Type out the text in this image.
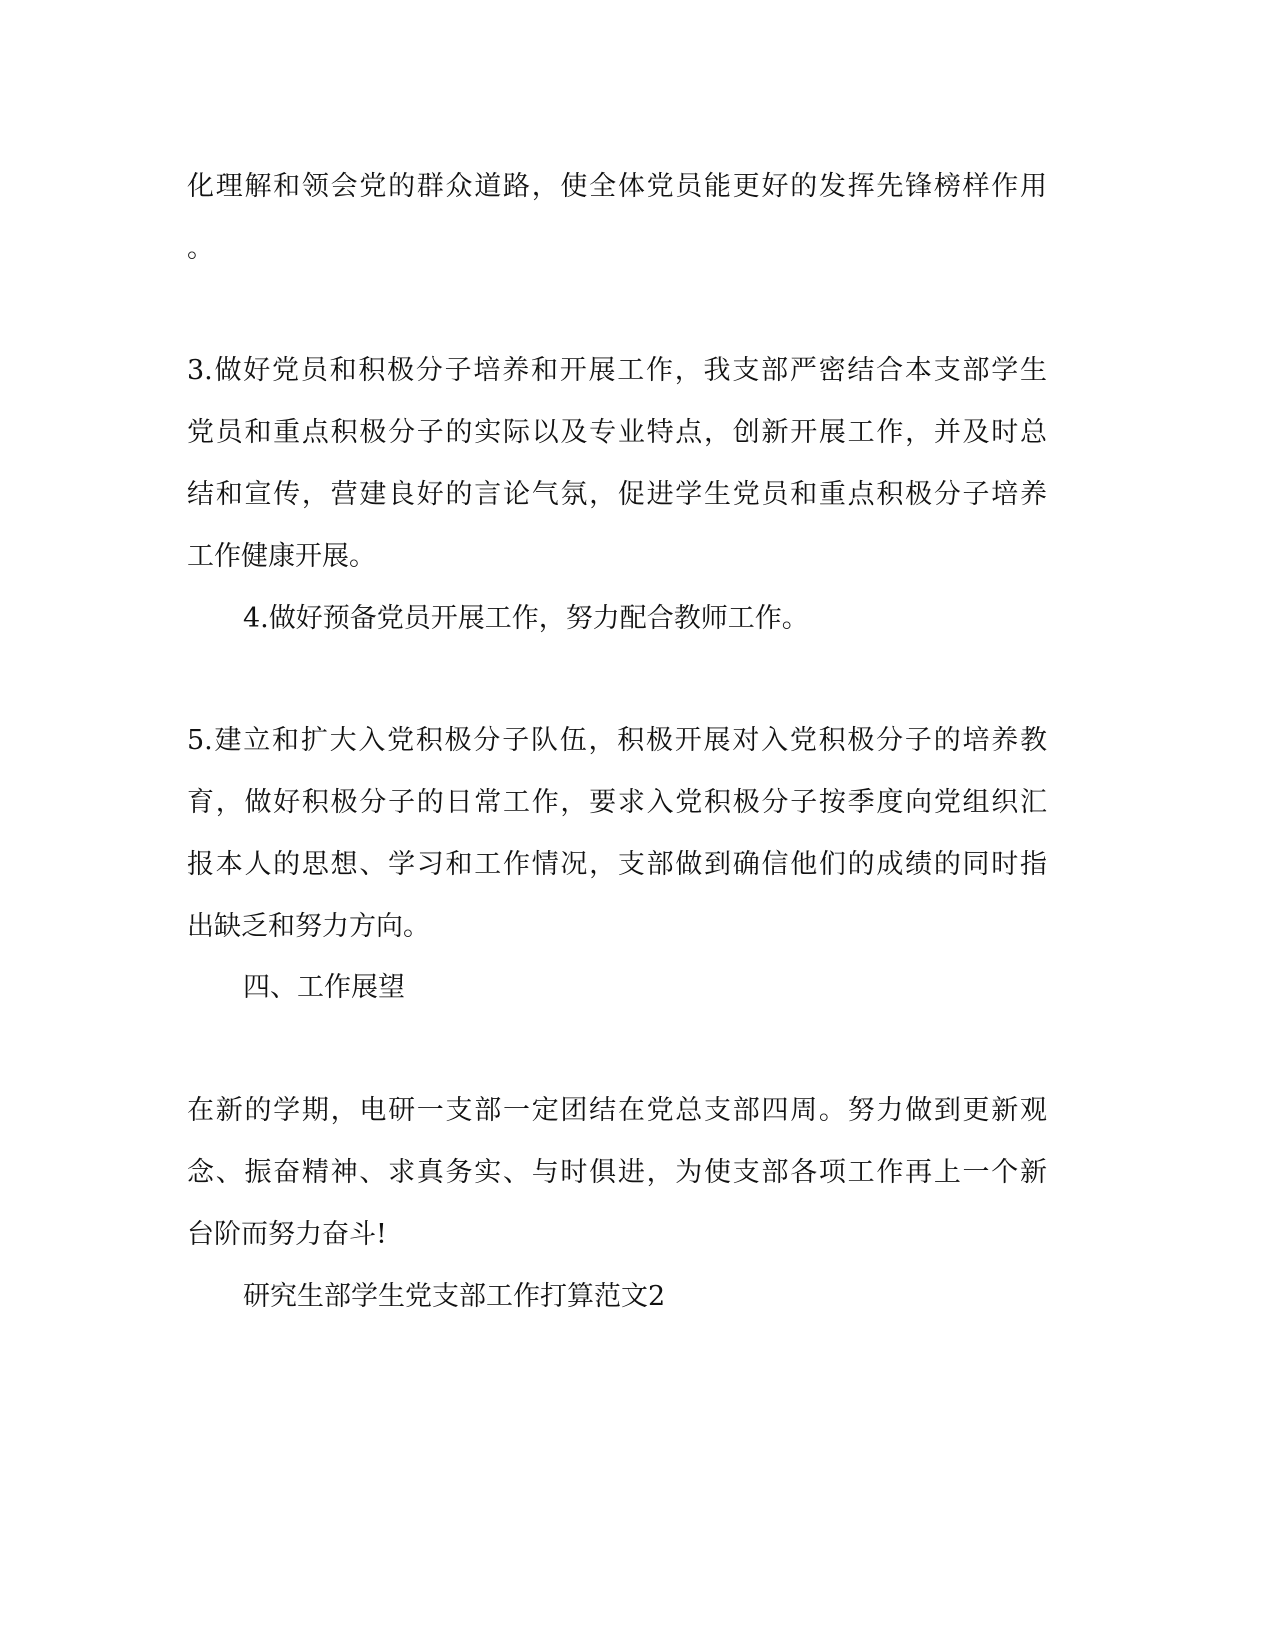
化理解和领会党的群众道路，使全体党员能更好的发挥先锋榜样作用

。

3.做好党员和积极分子培养和开展工作，我支部严密结合本支部学生

党员和重点积极分子的实际以及专业特点，创新开展工作，并及时总

结和宣传，营建良好的言论气氛，促进学生党员和重点积极分子培养

工作健康开展。

4.做好预备党员开展工作，努力配合教师工作。

5.建立和扩大入党积极分子队伍，积极开展对入党积极分子的培养教

育，做好积极分子的日常工作，要求入党积极分子按季度向党组织汇

报本人的思想、学习和工作情况，支部做到确信他们的成绩的同时指

出缺乏和努力方向。

四、工作展望

在新的学期，电研一支部一定团结在党总支部四周。努力做到更新观

念、振奋精神、求真务实、与时俱进，为使支部各项工作再上一个新

台阶而努力奋斗!

研究生部学生党支部工作打算范文2
